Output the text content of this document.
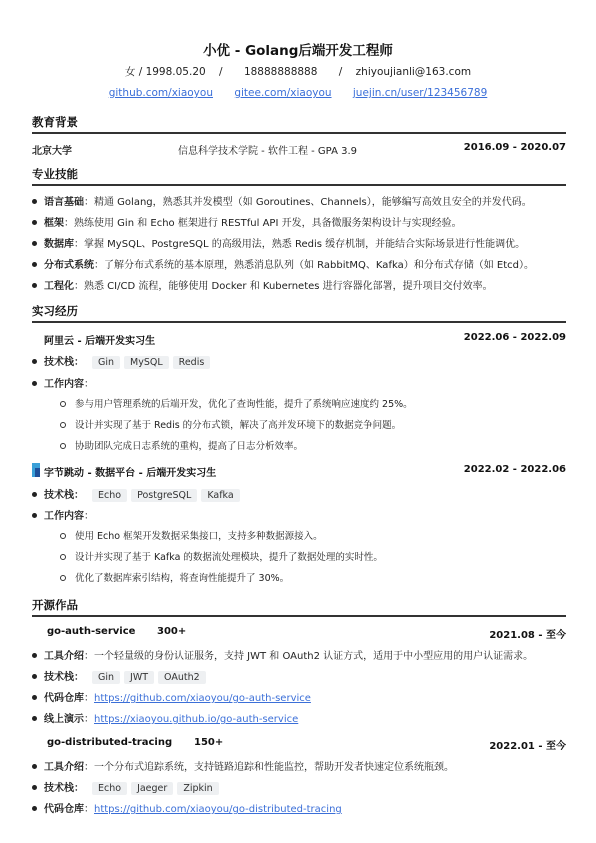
小优 - Golang后端开发工程师
女 / 1998.05.20 / 18888888888 / zhiyoujianli@163.com
github.com/xiaoyou gitee.com/xiaoyou juejin.cn/user/123456789
教育背景
北京大学	信息科学技术学院 - 软件工程 - GPA 3.9	2016.09 - 2020.07
专业技能
语言基础：精通 Golang，熟悉其并发模型（如 Goroutines、Channels），能够编写高效且安全的并发代码。
框架：熟练使用 Gin 和 Echo 框架进行 RESTful API 开发，具备微服务架构设计与实现经验。
数据库：掌握 MySQL、PostgreSQL 的高级用法，熟悉 Redis 缓存机制，并能结合实际场景进行性能调优。
分布式系统：了解分布式系统的基本原理，熟悉消息队列（如 RabbitMQ、Kafka）和分布式存储（如 Etcd）。
工程化：熟悉 CI/CD 流程，能够使用 Docker 和 Kubernetes 进行容器化部署，提升项目交付效率。
实习经历
阿里云 - 后端开发实习生	2022.06 - 2022.09
技术栈： Gin MySQL Redis
工作内容：
参与用户管理系统的后端开发，优化了查询性能，提升了系统响应速度约 25%。
设计并实现了基于 Redis 的分布式锁，解决了高并发环境下的数据竞争问题。
协助团队完成日志系统的重构，提高了日志分析效率。
字节跳动 - 数据平台 - 后端开发实习生	2022.02 - 2022.06
技术栈： Echo PostgreSQL Kafka
工作内容：
使用 Echo 框架开发数据采集接口，支持多种数据源接入。
设计并实现了基于 Kafka 的数据流处理模块，提升了数据处理的实时性。
优化了数据库索引结构，将查询性能提升了 30%。
开源作品
go-auth-service 300+	2021.08 - 至今
工具介绍：一个轻量级的身份认证服务，支持 JWT 和 OAuth2 认证方式，适用于中小型应用的用户认证需求。
技术栈： Gin JWT OAuth2
代码仓库：https://github.com/xiaoyou/go-auth-service
线上演示：https://xiaoyou.github.io/go-auth-service
go-distributed-tracing 150+	2022.01 - 至今
工具介绍：一个分布式追踪系统，支持链路追踪和性能监控，帮助开发者快速定位系统瓶颈。
技术栈： Echo Jaeger Zipkin
代码仓库：https://github.com/xiaoyou/go-distributed-tracing
